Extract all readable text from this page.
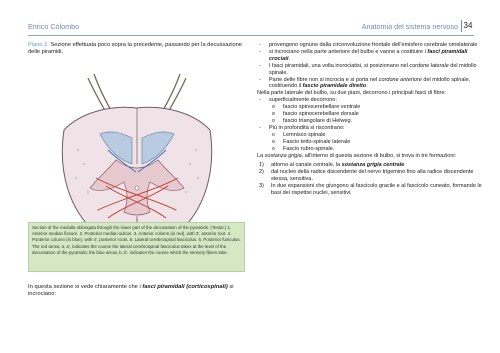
Enrico Colombo	Anatomia del sistema nervoso 34
Piano 2. Sezione effettuata poco sopra la precedente, passando per la decussazione delle piramidi.
Section of the medulla oblongata through the lower part of the decussation of the pyramids. (Testut.) 1. Anterior median fissure. 2. Posterior median sulcus. 3. Anterior column (in red), with 3', anterior root. 4. Posterior column (in blue), with 4', posterior roots. 5. Lateral cerebrospinal fasciculus. 6. Posterior funiculus. The red arrow, a, a', indicates the course the lateral cerebrospinal fasciculus takes at the level of the decussation of the pyramids; the blue arrow, b, b', indicates the course which the sensory fibers take.
In questa sezione si vede chiaramente che i fasci piramidali (corticospinali) si incrociano:
- provengono ognuno dalla circonvoluzione frontale dell'emisfero cerebrale omolaterale
- si incrociano nella parte anteriore del bulbo e vanno a costituire i fasci piramidali crociati.
- I fasci piramidali, una volta incrociatisi, si posizionano nel cordone laterale del midollo spinale.
- Parte delle fibre non si incrocia e si porta nel cordone anteriore del midollo spinale, costituendo il fascio piramidale diretto.

Nella parte laterale del bulbo, su due piani, decorrono i principali fasci di fibre:

- superficialmente decorrono:
o fascio spinocerebellare ventrale
o fascio spinocerebellare dorsale
o fascio triangolare di Helweg.
- Più in profondità si riscontrano:
o Lemnisco spinale
o Fascio tetto-spinale laterale
o Fascio rubro-spinale.

La sostanza grigia, all'interno di questa sezione di bulbo, si trova in tre formazioni:

1) attorno al canale centrale, la sostanza grigia centrale
2) dal nucleo della radice discendente del nervo trigemino fino alla radice discendente stessa, sensitiva.
3) In due espansioni che giungono al fascicolo gracile e al fascicolo cuneato, formando le basi dei rispettivi nuclei, sensitivi.
